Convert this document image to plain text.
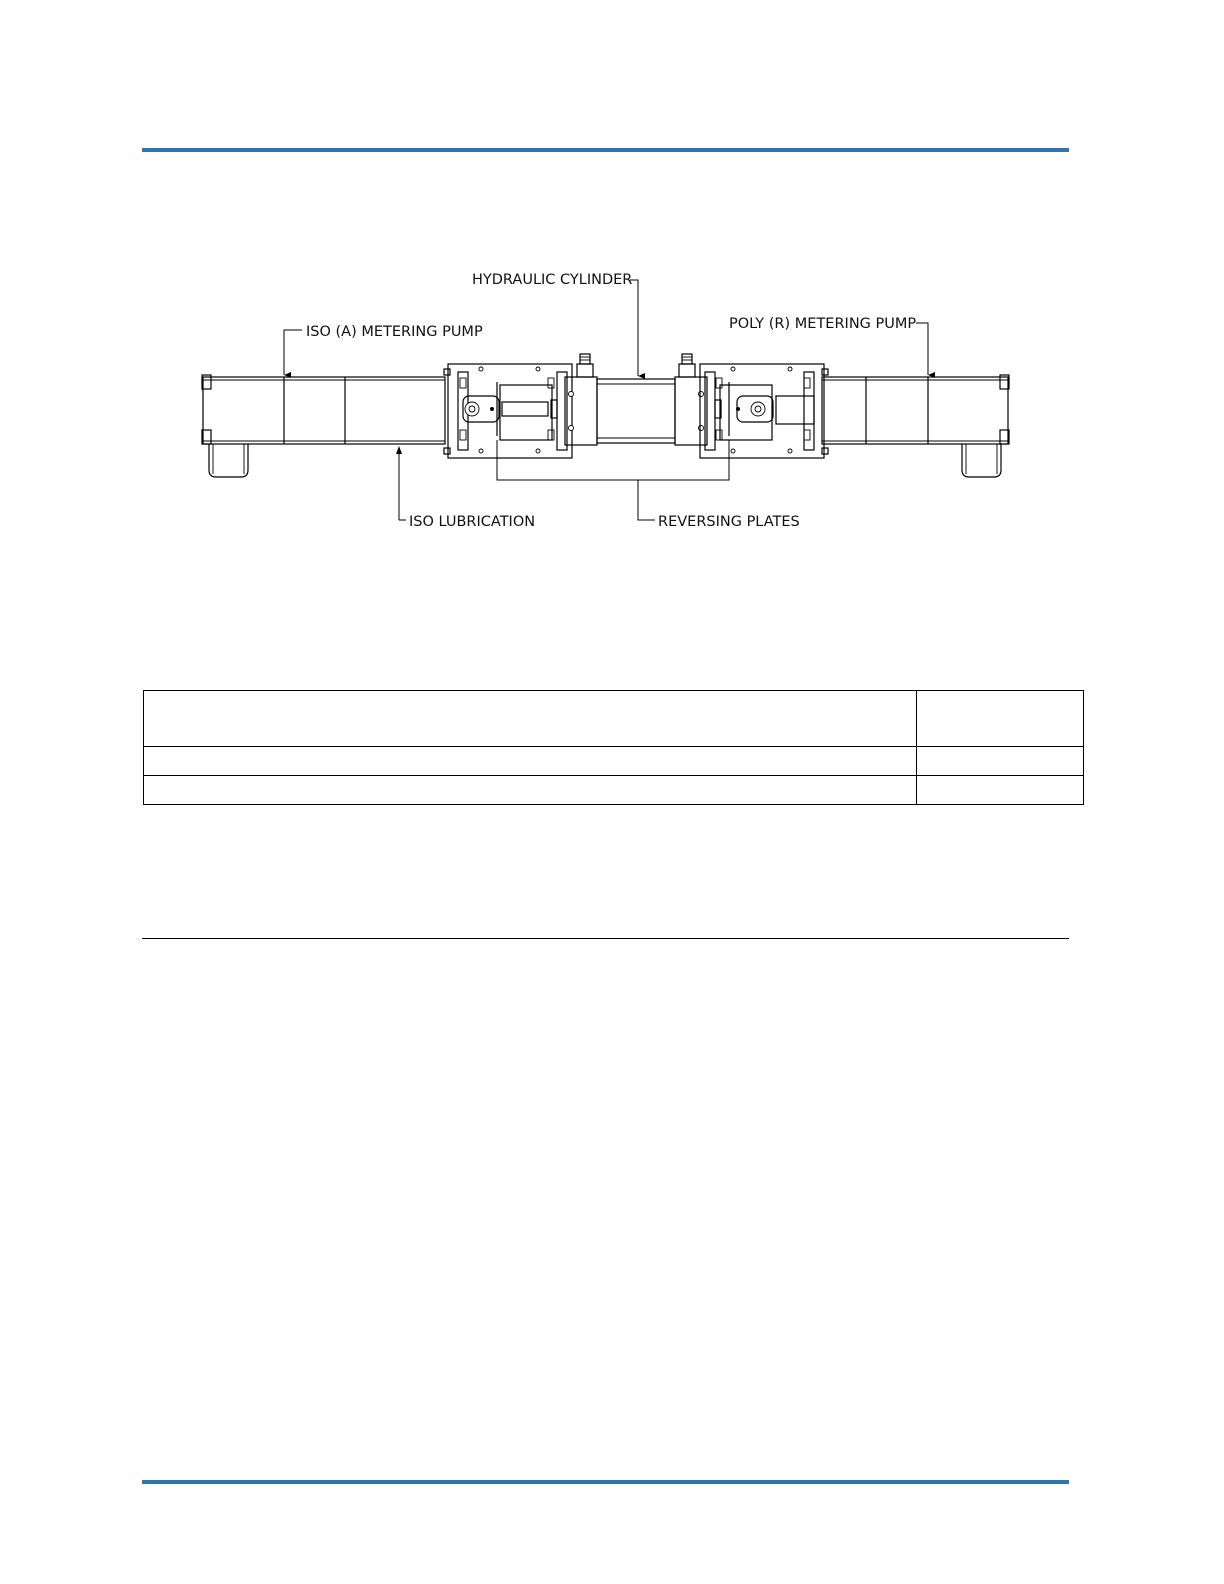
HYDRAULIC CYLINDER
ISO (A) METERING PUMP	POLY (R) METERING PUMP
ISO LUBRICATION	REVERSING PLATES
